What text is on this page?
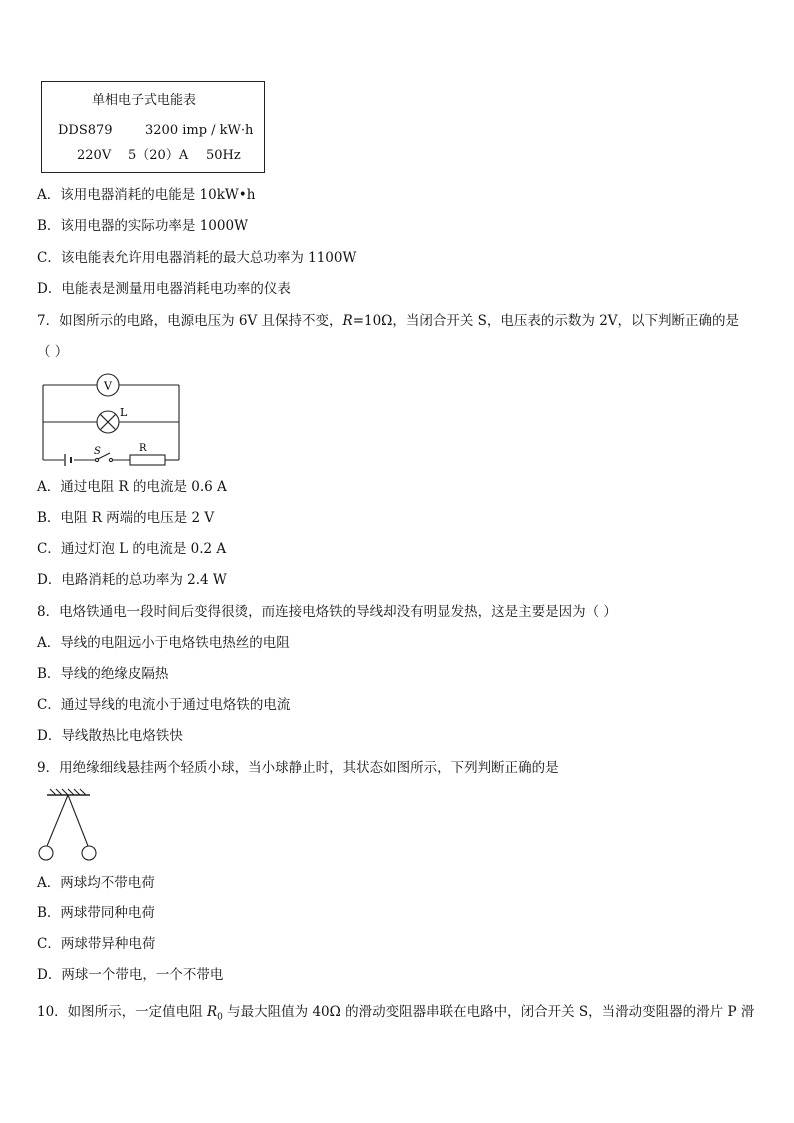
单相电子式电能表
DDS879 3200 imp / kW·h
220V 5（20）A 50Hz
A．该用电器消耗的电能是 10kW•h
B．该用电器的实际功率是 1000W
C．该电能表允许用电器消耗的最大总功率为 1100W
D．电能表是测量用电器消耗电功率的仪表
7．如图所示的电路，电源电压为 6V 且保持不变，R=10Ω，当闭合开关 S，电压表的示数为 2V，以下判断正确的是
（ ）
V
L
S	R
A．通过电阻 R 的电流是 0.6 A
B．电阻 R 两端的电压是 2 V
C．通过灯泡 L 的电流是 0.2 A
D．电路消耗的总功率为 2.4 W
8．电烙铁通电一段时间后变得很烫，而连接电烙铁的导线却没有明显发热，这是主要是因为（ ）
A．导线的电阻远小于电烙铁电热丝的电阻
B．导线的绝缘皮隔热
C．通过导线的电流小于通过电烙铁的电流
D．导线散热比电烙铁快
9．用绝缘细线悬挂两个轻质小球，当小球静止时，其状态如图所示，下列判断正确的是
A．两球均不带电荷
B．两球带同种电荷
C．两球带异种电荷
D．两球一个带电，一个不带电
10．如图所示，一定值电阻 $R_0$ 与最大阻值为 40Ω 的滑动变阻器串联在电路中，闭合开关 S，当滑动变阻器的滑片 P 滑
